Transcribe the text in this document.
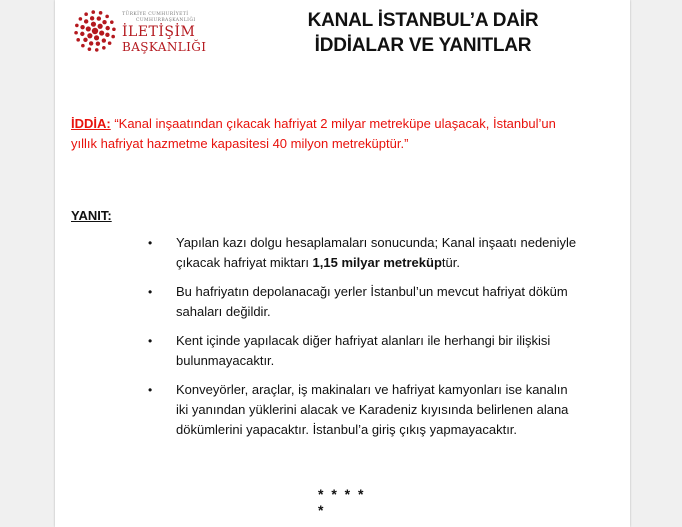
TÜRKİYE CUMHURİYETİ
CUMHURBAŞKANLIĞI
İLETİŞİM
BAŞKANLIĞI
KANAL İSTANBUL’A DAİR
İDDİALAR VE YANITLAR
İDDİA: “Kanal inşaatından çıkacak hafriyat 2 milyar metreküpe ulaşacak, İstanbul’un yıllık hafriyat hazmetme kapasitesi 40 milyon metreküptür.”
YANIT:
• Yapılan kazı dolgu hesaplamaları sonucunda; Kanal inşaatı nedeniyle çıkacak hafriyat miktarı 1,15 milyar metreküptür.
• Bu hafriyatın depolanacağı yerler İstanbul’un mevcut hafriyat döküm sahaları değildir.
• Kent içinde yapılacak diğer hafriyat alanları ile herhangi bir ilişkisi bulunmayacaktır.
• Konveyörler, araçlar, iş makinaları ve hafriyat kamyonları ise kanalın iki yanından yüklerini alacak ve Karadeniz kıyısında belirlenen alana dökümlerini yapacaktır. İstanbul’a giriş çıkış yapmayacaktır.
* * * * *
